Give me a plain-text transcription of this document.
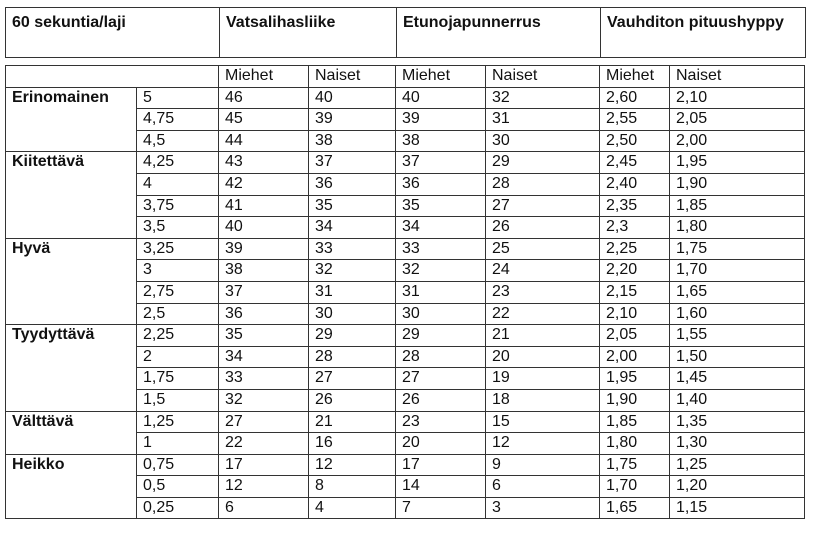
60 sekuntia/laji	Vatsalihasliike	Etunojapunnerrus	Vauhditon pituushyppy
		Miehet	Naiset	Miehet	Naiset	Miehet	Naiset
Erinomainen	5	46	40	40	32	2,60	2,10
	4,75	45	39	39	31	2,55	2,05
	4,5	44	38	38	30	2,50	2,00
Kiitettävä	4,25	43	37	37	29	2,45	1,95
	4	42	36	36	28	2,40	1,90
	3,75	41	35	35	27	2,35	1,85
	3,5	40	34	34	26	2,3	1,80
Hyvä	3,25	39	33	33	25	2,25	1,75
	3	38	32	32	24	2,20	1,70
	2,75	37	31	31	23	2,15	1,65
	2,5	36	30	30	22	2,10	1,60
Tyydyttävä	2,25	35	29	29	21	2,05	1,55
	2	34	28	28	20	2,00	1,50
	1,75	33	27	27	19	1,95	1,45
	1,5	32	26	26	18	1,90	1,40
Välttävä	1,25	27	21	23	15	1,85	1,35
	1	22	16	20	12	1,80	1,30
Heikko	0,75	17	12	17	9	1,75	1,25
	0,5	12	8	14	6	1,70	1,20
	0,25	6	4	7	3	1,65	1,15
